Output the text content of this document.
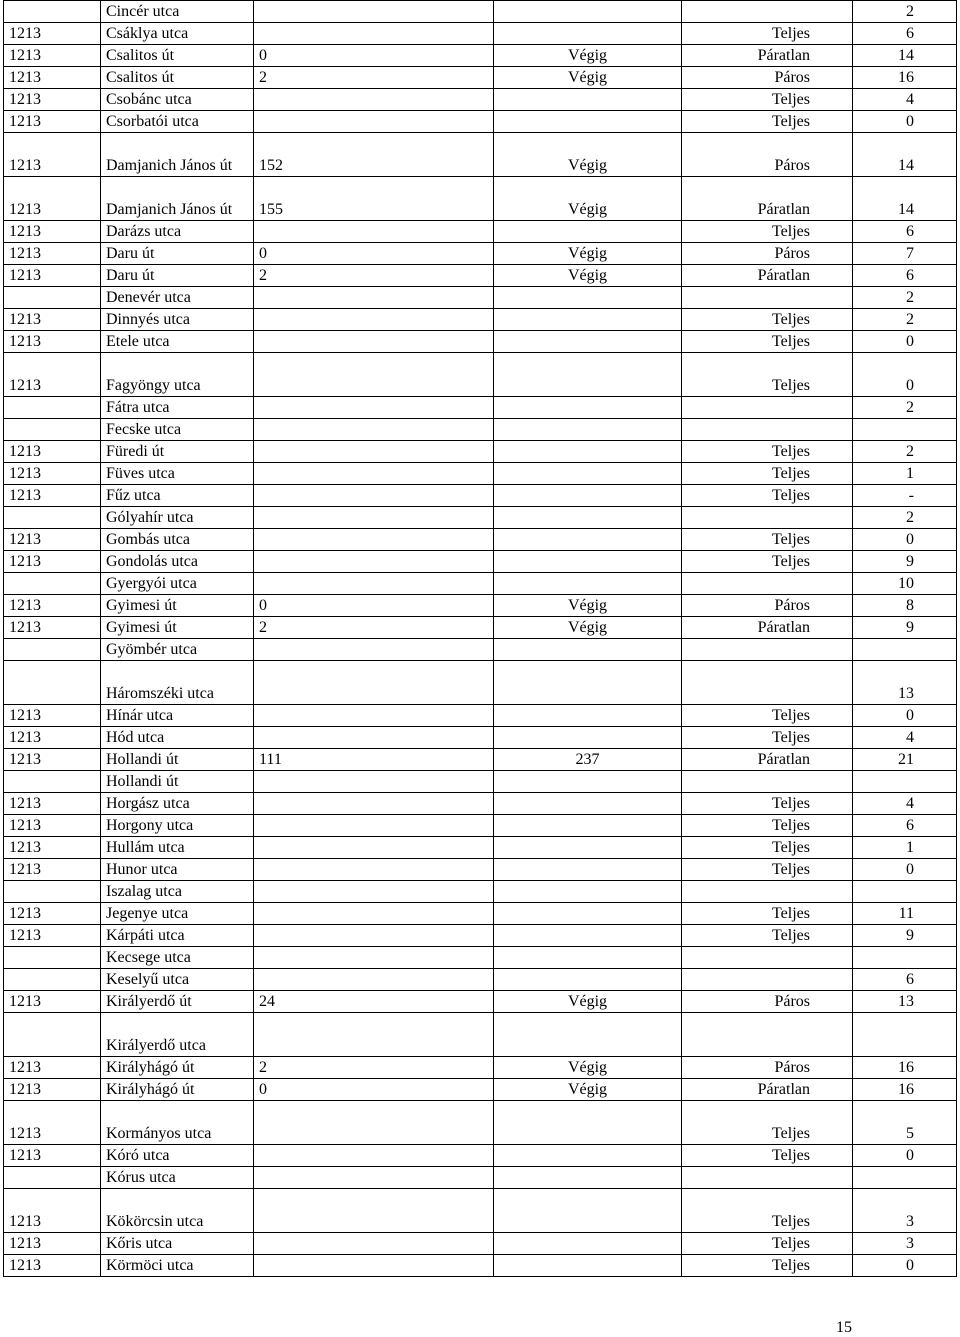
	Cincér utca				2
1213	Csáklya utca			Teljes	6
1213	Csalitos út	0	Végig	Páratlan	14
1213	Csalitos út	2	Végig	Páros	16
1213	Csobánc utca			Teljes	4
1213	Csorbatói utca			Teljes	0
1213	Damjanich János út	152	Végig	Páros	14
1213	Damjanich János út	155	Végig	Páratlan	14
1213	Darázs utca			Teljes	6
1213	Daru út	0	Végig	Páros	7
1213	Daru út	2	Végig	Páratlan	6
	Denevér utca				2
1213	Dinnyés utca			Teljes	2
1213	Etele utca			Teljes	0
1213	Fagyöngy utca			Teljes	0
	Fátra utca				2
	Fecske utca				
1213	Füredi út			Teljes	2
1213	Füves utca			Teljes	1
1213	Fűz utca			Teljes	-
	Gólyahír utca				2
1213	Gombás utca			Teljes	0
1213	Gondolás utca			Teljes	9
	Gyergyói utca				10
1213	Gyimesi út	0	Végig	Páros	8
1213	Gyimesi út	2	Végig	Páratlan	9
	Gyömbér utca				
	Háromszéki utca				13
1213	Hínár utca			Teljes	0
1213	Hód utca			Teljes	4
1213	Hollandi út	111	237	Páratlan	21
	Hollandi út				
1213	Horgász utca			Teljes	4
1213	Horgony utca			Teljes	6
1213	Hullám utca			Teljes	1
1213	Hunor utca			Teljes	0
	Iszalag utca				
1213	Jegenye utca			Teljes	11
1213	Kárpáti utca			Teljes	9
	Kecsege utca				
	Keselyű utca				6
1213	Királyerdő út	24	Végig	Páros	13
	Királyerdő utca				
1213	Királyhágó út	2	Végig	Páros	16
1213	Királyhágó út	0	Végig	Páratlan	16
1213	Kormányos utca			Teljes	5
1213	Kóró utca			Teljes	0
	Kórus utca				
1213	Kökörcsin utca			Teljes	3
1213	Kőris utca			Teljes	3
1213	Körmöci utca			Teljes	0
15
